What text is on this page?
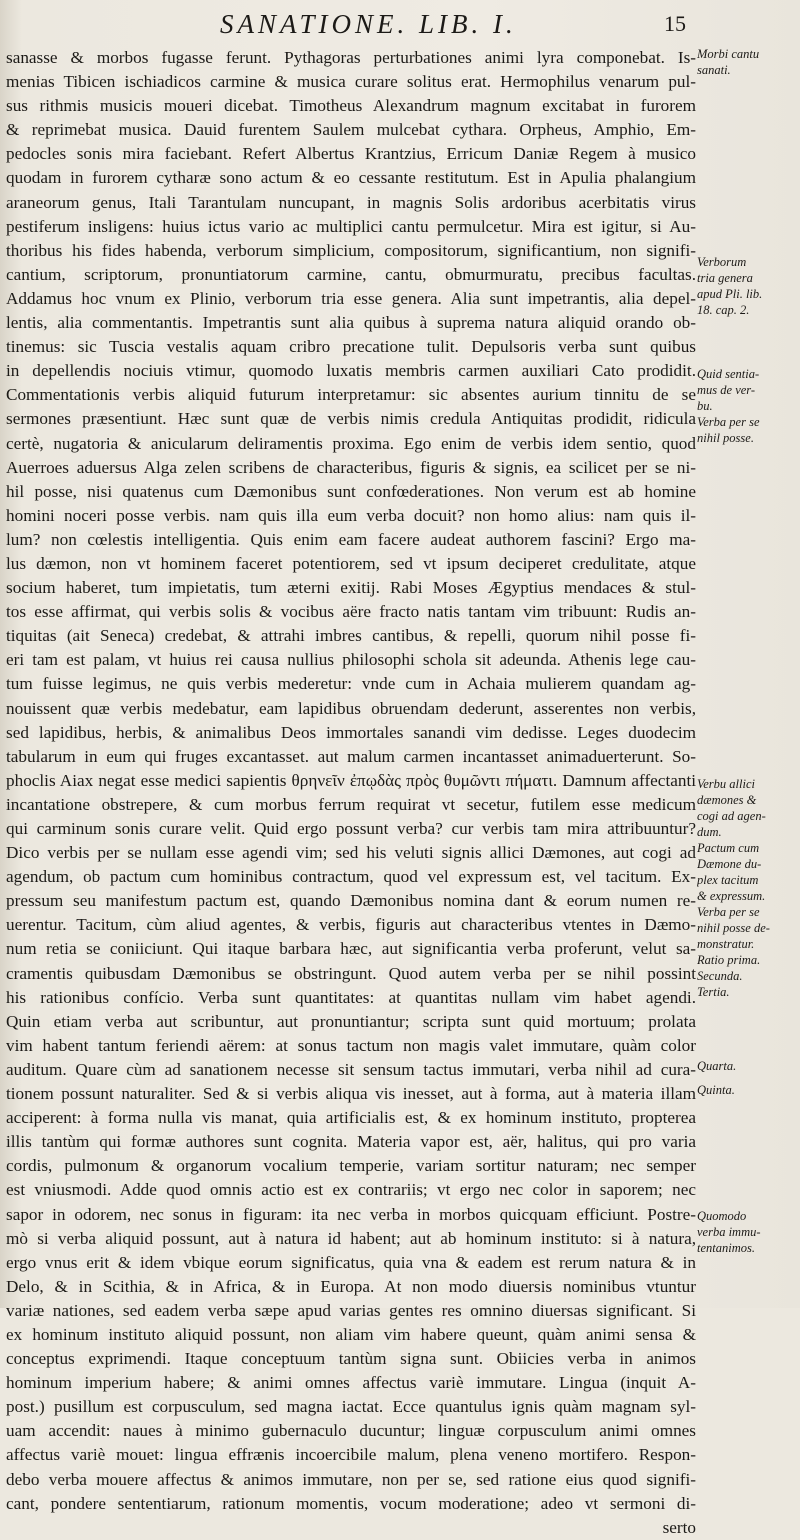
SANATIONE. LIB. I.	15
sanasse & morbos fugasse ferunt. Pythagoras perturbationes animi lyra componebat. Is-
menias Tibicen ischiadicos carmine & musica curare solitus erat. Hermophilus venarum pul-
sus rithmis musicis moueri dicebat. Timotheus Alexandrum magnum excitabat in furorem
& reprimebat musica. Dauid furentem Saulem mulcebat cythara. Orpheus, Amphio, Em-
pedocles sonis mira faciebant. Refert Albertus Krantzius, Erricum Daniæ Regem à musico
quodam in furorem cytharæ sono actum & eo cessante restitutum. Est in Apulia phalangium
araneorum genus, Itali Tarantulam nuncupant, in magnis Solis ardoribus acerbitatis virus
pestiferum insligens: huius ictus vario ac multiplici cantu permulcetur. Mira est igitur, si Au-
thoribus his fides habenda, verborum simplicium, compositorum, significantium, non signifi-
cantium, scriptorum, pronuntiatorum carmine, cantu, obmurmuratu, precibus facultas.
Addamus hoc vnum ex Plinio, verborum tria esse genera. Alia sunt impetrantis, alia depel-
lentis, alia commentantis. Impetrantis sunt alia quibus à suprema natura aliquid orando ob-
tinemus: sic Tuscia vestalis aquam cribro precatione tulit. Depulsoris verba sunt quibus
in depellendis nociuis vtimur, quomodo luxatis membris carmen auxiliari Cato prodidit.
Commentationis verbis aliquid futurum interpretamur: sic absentes aurium tinnitu de se
sermones præsentiunt. Hæc sunt quæ de verbis nimis credula Antiquitas prodidit, ridicula
certè, nugatoria & anicularum deliramentis proxima. Ego enim de verbis idem sentio, quod
Auerroes aduersus Alga zelen scribens de characteribus, figuris & signis, ea scilicet per se ni-
hil posse, nisi quatenus cum Dæmonibus sunt confœderationes. Non verum est ab homine
homini noceri posse verbis. nam quis illa eum verba docuit? non homo alius: nam quis il-
lum? non cœlestis intelligentia. Quis enim eam facere audeat authorem fascini? Ergo ma-
lus dæmon, non vt hominem faceret potentiorem, sed vt ipsum deciperet credulitate, atque
socium haberet, tum impietatis, tum æterni exitij. Rabi Moses Ægyptius mendaces & stul-
tos esse affirmat, qui verbis solis & vocibus aëre fracto natis tantam vim tribuunt: Rudis an-
tiquitas (ait Seneca) credebat, & attrahi imbres cantibus, & repelli, quorum nihil posse fi-
eri tam est palam, vt huius rei causa nullius philosophi schola sit adeunda. Athenis lege cau-
tum fuisse legimus, ne quis verbis mederetur: vnde cum in Achaia mulierem quandam ag-
nouissent quæ verbis medebatur, eam lapidibus obruendam dederunt, asserentes non verbis,
sed lapidibus, herbis, & animalibus Deos immortales sanandi vim dedisse. Leges duodecim
tabularum in eum qui fruges excantasset. aut malum carmen incantasset animaduerterunt. So-
phoclis Aiax negat esse medici sapientis θρηνεῖν ἐπῳδὰς πρὸς θυμῶντι πήματι. Damnum affectanti
incantatione obstrepere, & cum morbus ferrum requirat vt secetur, futilem esse medicum
qui carminum sonis curare velit. Quid ergo possunt verba? cur verbis tam mira attribuuntur?
Dico verbis per se nullam esse agendi vim; sed his veluti signis allici Dæmones, aut cogi ad
agendum, ob pactum cum hominibus contractum, quod vel expressum est, vel tacitum. Ex-
pressum seu manifestum pactum est, quando Dæmonibus nomina dant & eorum numen re-
uerentur. Tacitum, cùm aliud agentes, & verbis, figuris aut characteribus vtentes in Dæmo-
num retia se coniiciunt. Qui itaque barbara hæc, aut significantia verba proferunt, velut sa-
cramentis quibusdam Dæmonibus se obstringunt. Quod autem verba per se nihil possint
his rationibus confício. Verba sunt quantitates: at quantitas nullam vim habet agendi.
Quin etiam verba aut scribuntur, aut pronuntiantur; scripta sunt quid mortuum; prolata
vim habent tantum feriendi aërem: at sonus tactum non magis valet immutare, quàm color
auditum. Quare cùm ad sanationem necesse sit sensum tactus immutari, verba nihil ad cura-
tionem possunt naturaliter. Sed & si verbis aliqua vis inesset, aut à forma, aut à materia illam
acciperent: à forma nulla vis manat, quia artificialis est, & ex hominum instituto, propterea
illis tantùm qui formæ authores sunt cognita. Materia vapor est, aër, halitus, qui pro varia
cordis, pulmonum & organorum vocalium temperie, variam sortitur naturam; nec semper
est vniusmodi. Adde quod omnis actio est ex contrariis; vt ergo nec color in saporem; nec
sapor in odorem, nec sonus in figuram: ita nec verba in morbos quicquam efficiunt. Postre-
mò si verba aliquid possunt, aut à natura id habent; aut ab hominum instituto: si à natura,
ergo vnus erit & idem vbique eorum significatus, quia vna & eadem est rerum natura & in
Delo, & in Scithia, & in Africa, & in Europa. At non modo diuersis nominibus vtuntur
variæ nationes, sed eadem verba sæpe apud varias gentes res omnino diuersas significant. Si
ex hominum instituto aliquid possunt, non aliam vim habere queunt, quàm animi sensa &
conceptus exprimendi. Itaque conceptuum tantùm signa sunt. Obiicies verba in animos
hominum imperium habere; & animi omnes affectus variè immutare. Lingua (inquit A-
post.) pusillum est corpusculum, sed magna iactat. Ecce quantulus ignis quàm magnam syl-
uam accendit: naues à minimo gubernaculo ducuntur; linguæ corpusculum animi omnes
affectus variè mouet: lingua effrænis incoercibile malum, plena veneno mortifero. Respon-
debo verba mouere affectus & animos immutare, non per se, sed ratione eius quod signifi-
cant, pondere sententiarum, rationum momentis, vocum moderatione; adeo vt sermoni di-
serto
Morbi cantu
sanati.
Verborum
tria genera
apud Pli. lib.
18. cap. 2.
Quid sentia-
mus de ver-
bu.
Verba per se
nihil posse.
Verbu allici
dæmones &
cogi ad agen-
dum.
Pactum cum
Dæmone du-
plex tacitum
& expressum.
Verba per se
nihil posse de-
monstratur.
Ratio prima.
Secunda.
Tertia.
Quarta.
Quinta.
Quomodo
verba immu-
tentanimos.
